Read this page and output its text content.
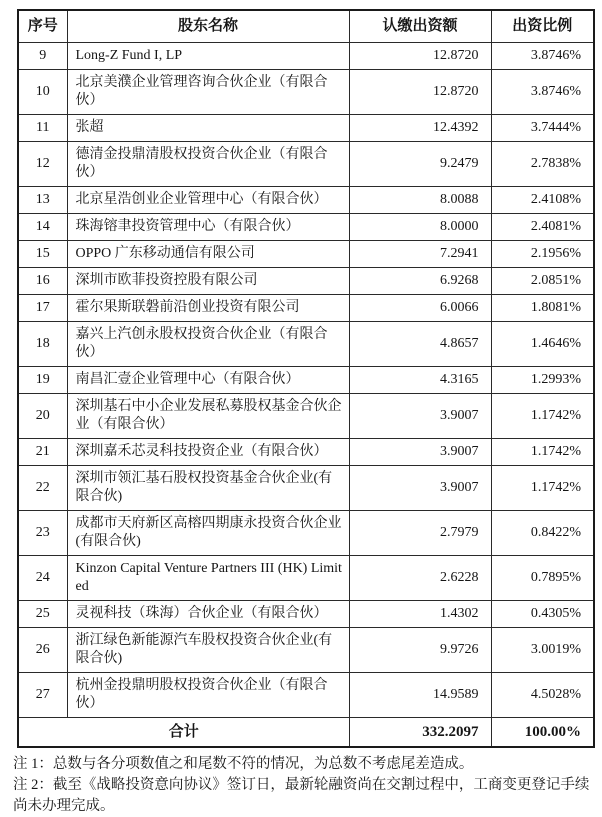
序号	股东名称	认缴出资额	出资比例
9	Long-Z Fund I, LP	12.8720	3.8746%
10	北京美濮企业管理咨询合伙企业（有限合伙）	12.8720	3.8746%
11	张超	12.4392	3.7444%
12	德清金投鼎清股权投资合伙企业（有限合伙）	9.2479	2.7838%
13	北京星浩创业企业管理中心（有限合伙）	8.0088	2.4108%
14	珠海镕聿投资管理中心（有限合伙）	8.0000	2.4081%
15	OPPO 广东移动通信有限公司	7.2941	2.1956%
16	深圳市欧菲投资控股有限公司	6.9268	2.0851%
17	霍尔果斯联磐前沿创业投资有限公司	6.0066	1.8081%
18	嘉兴上汽创永股权投资合伙企业（有限合伙）	4.8657	1.4646%
19	南昌汇壹企业管理中心（有限合伙）	4.3165	1.2993%
20	深圳基石中小企业发展私募股权基金合伙企业（有限合伙）	3.9007	1.1742%
21	深圳嘉禾芯灵科技投资企业（有限合伙）	3.9007	1.1742%
22	深圳市领汇基石股权投资基金合伙企业(有限合伙)	3.9007	1.1742%
23	成都市天府新区高榕四期康永投资合伙企业(有限合伙)	2.7979	0.8422%
24	Kinzon Capital Venture Partners III (HK) Limited	2.6228	0.7895%
25	灵视科技（珠海）合伙企业（有限合伙）	1.4302	0.4305%
26	浙江绿色新能源汽车股权投资合伙企业(有限合伙)	9.9726	3.0019%
27	杭州金投鼎明股权投资合伙企业（有限合伙）	14.9589	4.5028%
合计		332.2097	100.00%

注 1：总数与各分项数值之和尾数不符的情况，为总数不考虑尾差造成。

注 2：截至《战略投资意向协议》签订日，最新轮融资尚在交割过程中，工商变更登记手续尚未办理完成。
